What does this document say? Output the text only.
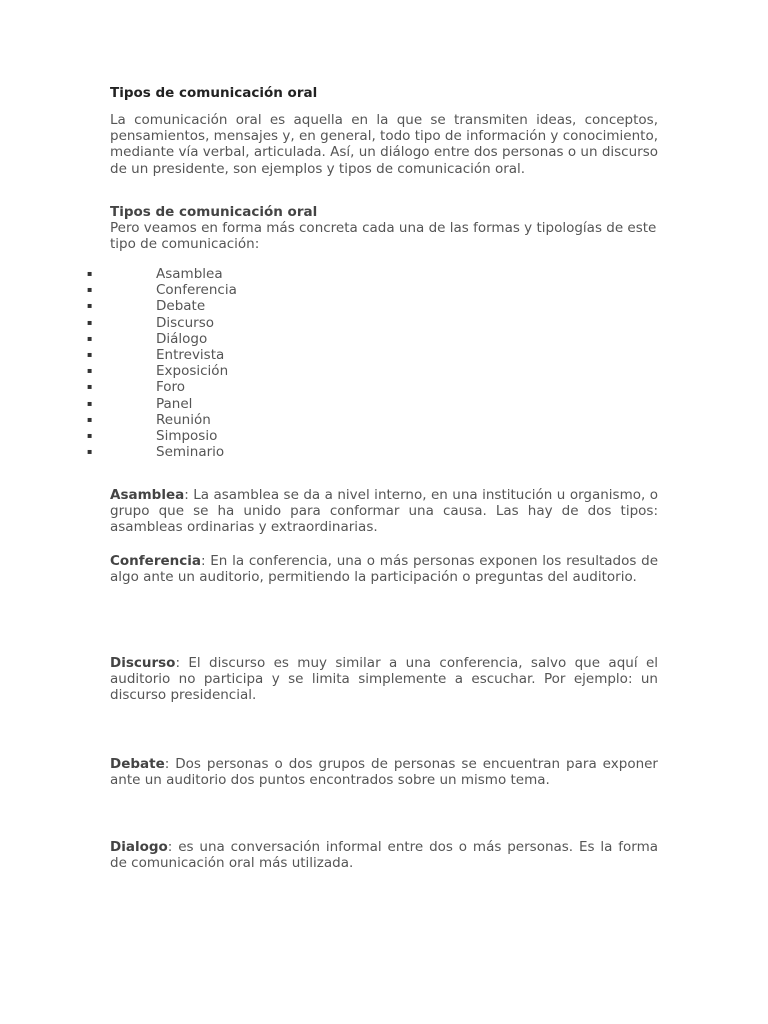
Tipos de comunicación oral

La comunicación oral es aquella en la que se transmiten ideas, conceptos, pensamientos, mensajes y, en general, todo tipo de información y conocimiento, mediante vía verbal, articulada. Así, un diálogo entre dos personas o un discurso de un presidente, son ejemplos y tipos de comunicación oral.

Tipos de comunicación oral
Pero veamos en forma más concreta cada una de las formas y tipologías de este tipo de comunicación:
▪	Asamblea
▪	Conferencia
▪	Debate
▪	Discurso
▪	Diálogo
▪	Entrevista
▪	Exposición
▪	Foro
▪	Panel
▪	Reunión
▪	Simposio
▪	Seminario

Asamblea: La asamblea se da a nivel interno, en una institución u organismo, o grupo que se ha unido para conformar una causa. Las hay de dos tipos: asambleas ordinarias y extraordinarias.

Conferencia: En la conferencia, una o más personas exponen los resultados de algo ante un auditorio, permitiendo la participación o preguntas del auditorio.

Discurso: El discurso es muy similar a una conferencia, salvo que aquí el auditorio no participa y se limita simplemente a escuchar. Por ejemplo: un discurso presidencial.

Debate: Dos personas o dos grupos de personas se encuentran para exponer ante un auditorio dos puntos encontrados sobre un mismo tema.

Dialogo: es una conversación informal entre dos o más personas. Es la forma de comunicación oral más utilizada.
